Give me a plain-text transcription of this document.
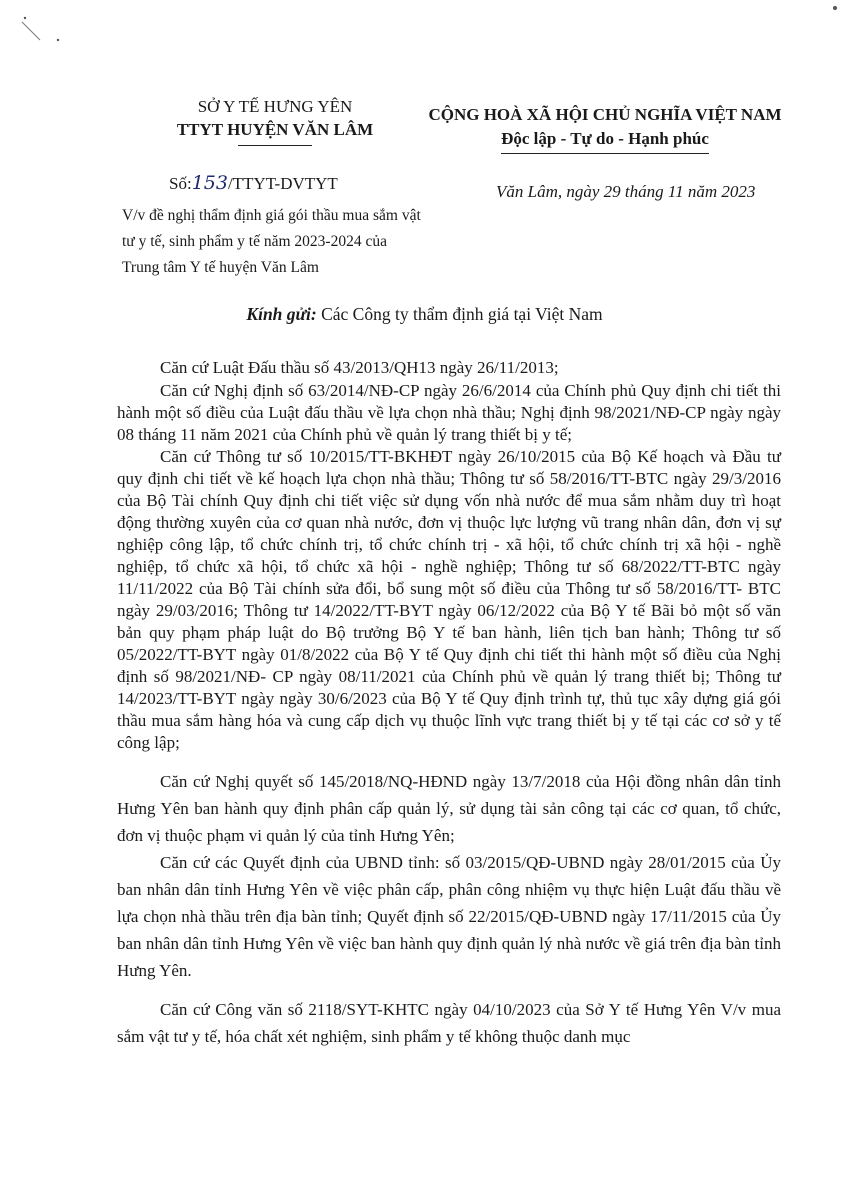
SỞ Y TẾ HƯNG YÊN
TTYT HUYỆN VĂN LÂM
CỘNG HOÀ XÃ HỘI CHỦ NGHĨA VIỆT NAM
Độc lập - Tự do - Hạnh phúc
Số:153/TTYT-DVTYT
V/v đề nghị thẩm định giá gói thầu mua sắm vật tư y tế, sinh phẩm y tế năm 2023-2024 của Trung tâm Y tế huyện Văn Lâm
Văn Lâm, ngày 29 tháng 11 năm 2023
Kính gửi: Các Công ty thẩm định giá tại Việt Nam

Căn cứ Luật Đấu thầu số 43/2013/QH13 ngày 26/11/2013;

Căn cứ Nghị định số 63/2014/NĐ-CP ngày 26/6/2014 của Chính phủ Quy định chi tiết thi hành một số điều của Luật đấu thầu về lựa chọn nhà thầu; Nghị định 98/2021/NĐ-CP ngày ngày 08 tháng 11 năm 2021 của Chính phủ về quản lý trang thiết bị y tế;

Căn cứ Thông tư số 10/2015/TT-BKHĐT ngày 26/10/2015 của Bộ Kế hoạch và Đầu tư quy định chi tiết về kế hoạch lựa chọn nhà thầu; Thông tư số 58/2016/TT-BTC ngày 29/3/2016 của Bộ Tài chính Quy định chi tiết việc sử dụng vốn nhà nước để mua sắm nhằm duy trì hoạt động thường xuyên của cơ quan nhà nước, đơn vị thuộc lực lượng vũ trang nhân dân, đơn vị sự nghiệp công lập, tổ chức chính trị, tổ chức chính trị - xã hội, tổ chức chính trị xã hội - nghề nghiệp, tổ chức xã hội, tổ chức xã hội - nghề nghiệp; Thông tư số 68/2022/TT-BTC ngày 11/11/2022 của Bộ Tài chính sửa đổi, bổ sung một số điều của Thông tư số 58/2016/TT- BTC ngày 29/03/2016; Thông tư 14/2022/TT-BYT ngày 06/12/2022 của Bộ Y tế Bãi bỏ một số văn bản quy phạm pháp luật do Bộ trưởng Bộ Y tế ban hành, liên tịch ban hành; Thông tư số 05/2022/TT-BYT ngày 01/8/2022 của Bộ Y tế Quy định chi tiết thi hành một số điều của Nghị định số 98/2021/NĐ- CP ngày 08/11/2021 của Chính phủ về quản lý trang thiết bị; Thông tư 14/2023/TT-BYT ngày ngày 30/6/2023 của Bộ Y tế Quy định trình tự, thủ tục xây dựng giá gói thầu mua sắm hàng hóa và cung cấp dịch vụ thuộc lĩnh vực trang thiết bị y tế tại các cơ sở y tế công lập;

Căn cứ Nghị quyết số 145/2018/NQ-HĐND ngày 13/7/2018 của Hội đồng nhân dân tỉnh Hưng Yên ban hành quy định phân cấp quản lý, sử dụng tài sản công tại các cơ quan, tổ chức, đơn vị thuộc phạm vi quản lý của tỉnh Hưng Yên;

Căn cứ các Quyết định của UBND tỉnh: số 03/2015/QĐ-UBND ngày 28/01/2015 của Ủy ban nhân dân tỉnh Hưng Yên về việc phân cấp, phân công nhiệm vụ thực hiện Luật đấu thầu về lựa chọn nhà thầu trên địa bàn tỉnh; Quyết định số 22/2015/QĐ-UBND ngày 17/11/2015 của Ủy ban nhân dân tỉnh Hưng Yên về việc ban hành quy định quản lý nhà nước về giá trên địa bàn tỉnh Hưng Yên.

Căn cứ Công văn số 2118/SYT-KHTC ngày 04/10/2023 của Sở Y tế Hưng Yên V/v mua sắm vật tư y tế, hóa chất xét nghiệm, sinh phẩm y tế không thuộc danh mục
